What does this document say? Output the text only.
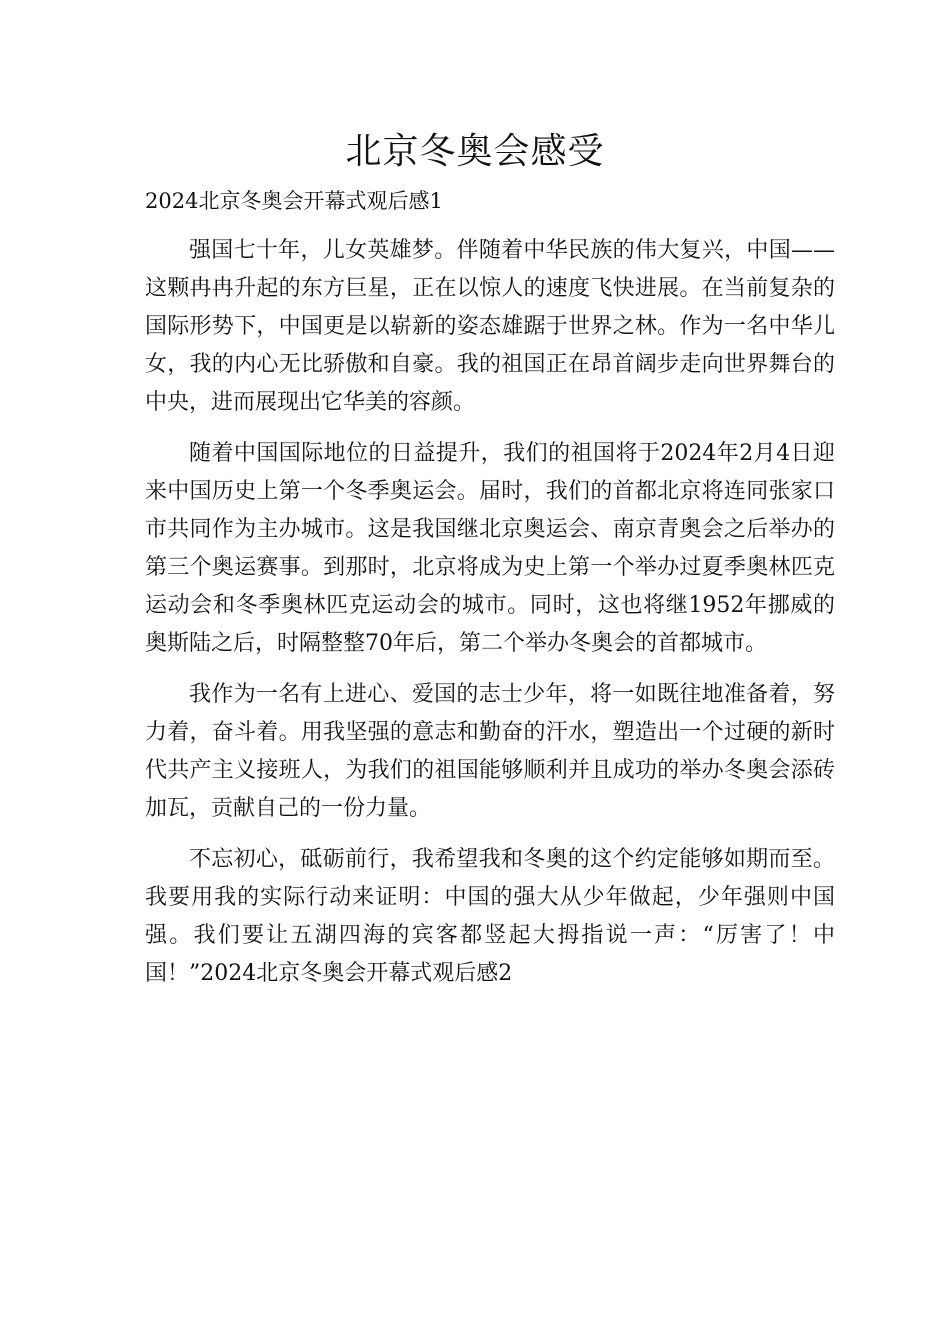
北京冬奥会感受
2024北京冬奥会开幕式观后感1

强国七十年，儿女英雄梦。伴随着中华民族的伟大复兴，中国——这颗冉冉升起的东方巨星，正在以惊人的速度飞快进展。在当前复杂的国际形势下，中国更是以崭新的姿态雄踞于世界之林。作为一名中华儿女，我的内心无比骄傲和自豪。我的祖国正在昂首阔步走向世界舞台的中央，进而展现出它华美的容颜。

随着中国国际地位的日益提升，我们的祖国将于2024年2月4日迎来中国历史上第一个冬季奥运会。届时，我们的首都北京将连同张家口市共同作为主办城市。这是我国继北京奥运会、南京青奥会之后举办的第三个奥运赛事。到那时，北京将成为史上第一个举办过夏季奥林匹克运动会和冬季奥林匹克运动会的城市。同时，这也将继1952年挪威的奥斯陆之后，时隔整整70年后，第二个举办冬奥会的首都城市。

我作为一名有上进心、爱国的志士少年，将一如既往地准备着，努力着，奋斗着。用我坚强的意志和勤奋的汗水，塑造出一个过硬的新时代共产主义接班人，为我们的祖国能够顺利并且成功的举办冬奥会添砖加瓦，贡献自己的一份力量。

不忘初心，砥砺前行，我希望我和冬奥的这个约定能够如期而至。我要用我的实际行动来证明：中国的强大从少年做起，少年强则中国强。我们要让五湖四海的宾客都竖起大拇指说一声：“厉害了！中国！”2024北京冬奥会开幕式观后感2
